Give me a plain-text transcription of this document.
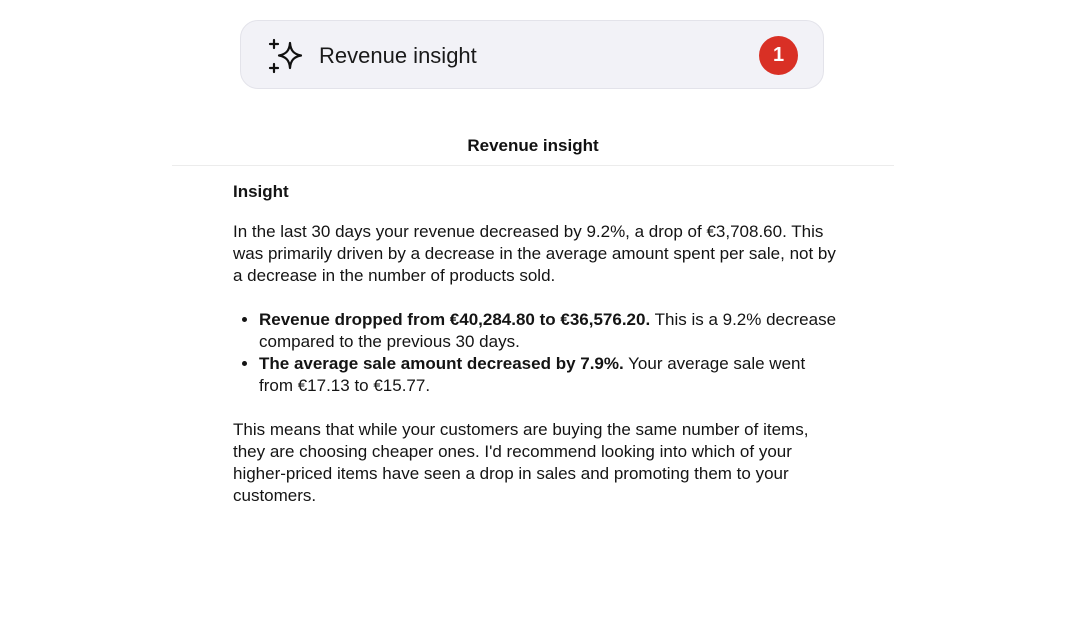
Revenue insight	1
Revenue insight
Insight

In the last 30 days your revenue decreased by 9.2%, a drop of €3,708.60. This was primarily driven by a decrease in the average amount spent per sale, not by a decrease in the number of products sold.

• Revenue dropped from €40,284.80 to €36,576.20. This is a 9.2% decrease compared to the previous 30 days.
• The average sale amount decreased by 7.9%. Your average sale went from €17.13 to €15.77.

This means that while your customers are buying the same number of items, they are choosing cheaper ones. I'd recommend looking into which of your higher-priced items have seen a drop in sales and promoting them to your customers.
